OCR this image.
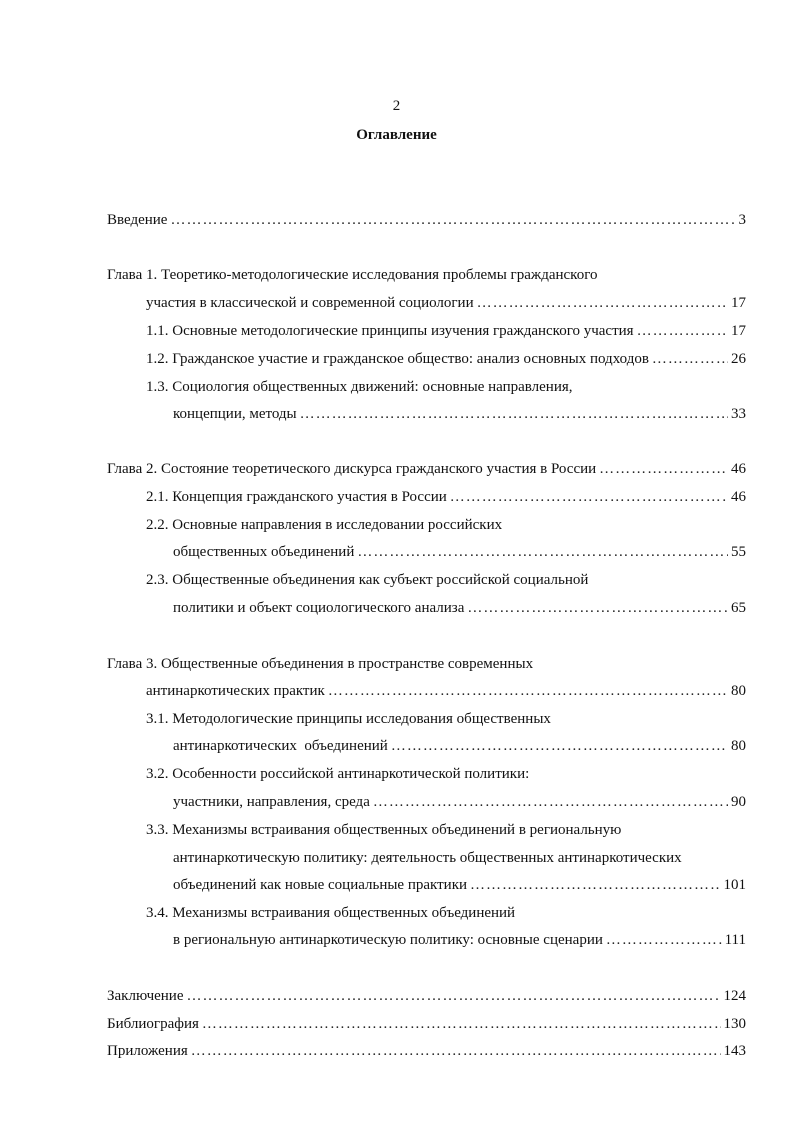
2
Оглавление
Введение ……………………………………………………………………………………………………………………………………………………………………………………………………………	3
Глава 1. Теоретико-методологические исследования проблемы гражданского
участия в классической и современной социологии ……………………………………………………………………………………………………………………………………………………………………………………………………………	17
1.1. Основные методологические принципы изучения гражданского участия ……………………………………………………………………………………………………………………………………………………………………………………………………………	17
1.2. Гражданское участие и гражданское общество: анализ основных подходов ……………………………………………………………………………………………………………………………………………………………………………………………………………	26
1.3. Социология общественных движений: основные направления,
концепции, методы ……………………………………………………………………………………………………………………………………………………………………………………………………………	33
Глава 2. Состояние теоретического дискурса гражданского участия в России ……………………………………………………………………………………………………………………………………………………………………………………………………………	46
2.1. Концепция гражданского участия в России ……………………………………………………………………………………………………………………………………………………………………………………………………………	46
2.2. Основные направления в исследовании российских
общественных объединений ……………………………………………………………………………………………………………………………………………………………………………………………………………	55
2.3. Общественные объединения как субъект российской социальной
политики и объект социологического анализа ……………………………………………………………………………………………………………………………………………………………………………………………………………	65
Глава 3. Общественные объединения в пространстве современных
антинаркотических практик ……………………………………………………………………………………………………………………………………………………………………………………………………………	80
3.1. Методологические принципы исследования общественных
антинаркотических  объединений ……………………………………………………………………………………………………………………………………………………………………………………………………………	80
3.2. Особенности российской антинаркотической политики:
участники, направления, среда ……………………………………………………………………………………………………………………………………………………………………………………………………………	90
3.3. Механизмы встраивания общественных объединений в региональную
антинаркотическую политику: деятельность общественных антинаркотических
объединений как новые социальные практики ……………………………………………………………………………………………………………………………………………………………………………………………………………	101
3.4. Механизмы встраивания общественных объединений
в региональную антинаркотическую политику: основные сценарии ……………………………………………………………………………………………………………………………………………………………………………………………………………	111
Заключение ……………………………………………………………………………………………………………………………………………………………………………………………………………	124
Библиография ……………………………………………………………………………………………………………………………………………………………………………………………………………	130
Приложения ……………………………………………………………………………………………………………………………………………………………………………………………………………	143
